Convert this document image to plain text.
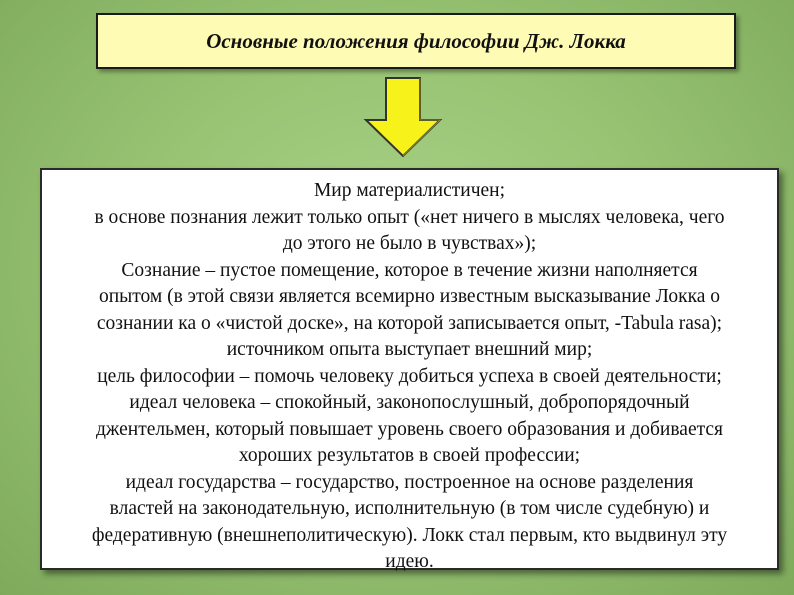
Основные положения философии Дж. Локка
Мир материалистичен;
в основе познания лежит только опыт («нет ничего в мыслях человека, чего
до этого не было в чувствах»);
Сознание – пустое помещение, которое в течение жизни наполняется
опытом (в этой связи является всемирно известным высказывание Локка о
сознании ка о «чистой доске», на которой записывается опыт, -Tabula rasa);
источником опыта выступает внешний мир;
цель философии – помочь человеку добиться успеха в своей деятельности;
идеал человека – спокойный, законопослушный, добропорядочный
джентельмен, который повышает уровень своего образования и добивается
хороших результатов в своей профессии;
идеал государства – государство, построенное на основе разделения
властей на законодательную, исполнительную (в том числе судебную) и
федеративную (внешнеполитическую). Локк стал первым, кто выдвинул эту
идею.
